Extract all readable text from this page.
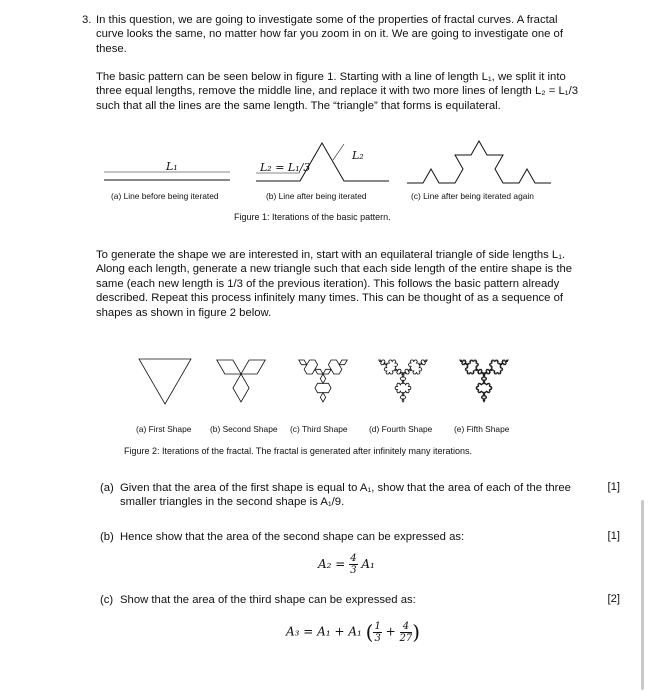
3. In this question, we are going to investigate some of the properties of fractal curves. A fractal curve looks the same, no matter how far you zoom in on it. We are going to investigate one of these.
The basic pattern can be seen below in figure 1. Starting with a line of length L₁, we split it into three equal lengths, remove the middle line, and replace it with two more lines of length L₂ = L₁/3 such that all the lines are the same length. The “triangle” that forms is equilateral.
L₁	L₂ = L₁/3
L₂
(a) Line before being iterated	(b) Line after being iterated	(c) Line after being iterated again
Figure 1: Iterations of the basic pattern.
To generate the shape we are interested in, start with an equilateral triangle of side lengths L₁. Along each length, generate a new triangle such that each side length of the entire shape is the same (each new length is 1/3 of the previous iteration). This follows the basic pattern already described. Repeat this process infinitely many times. This can be thought of as a sequence of shapes as shown in figure 2 below.
(a) First Shape (b) Second Shape (c) Third Shape	(d) Fourth Shape	(e) Fifth Shape
Figure 2: Iterations of the fractal. The fractal is generated after infinitely many iterations.
(a) Given that the area of the first shape is equal to A₁, show that the area of each of the three smaller triangles in the second shape is A₁/9.
[1]
(b) Hence show that the area of the second shape can be expressed as:	[1]
$A_2 = \frac{4}{3} A_1$
(c) Show that the area of the third shape can be expressed as:	[2]
A₃ = A₁ + A₁ ( $\frac{1}{3} + \frac{4}{27}$ )
